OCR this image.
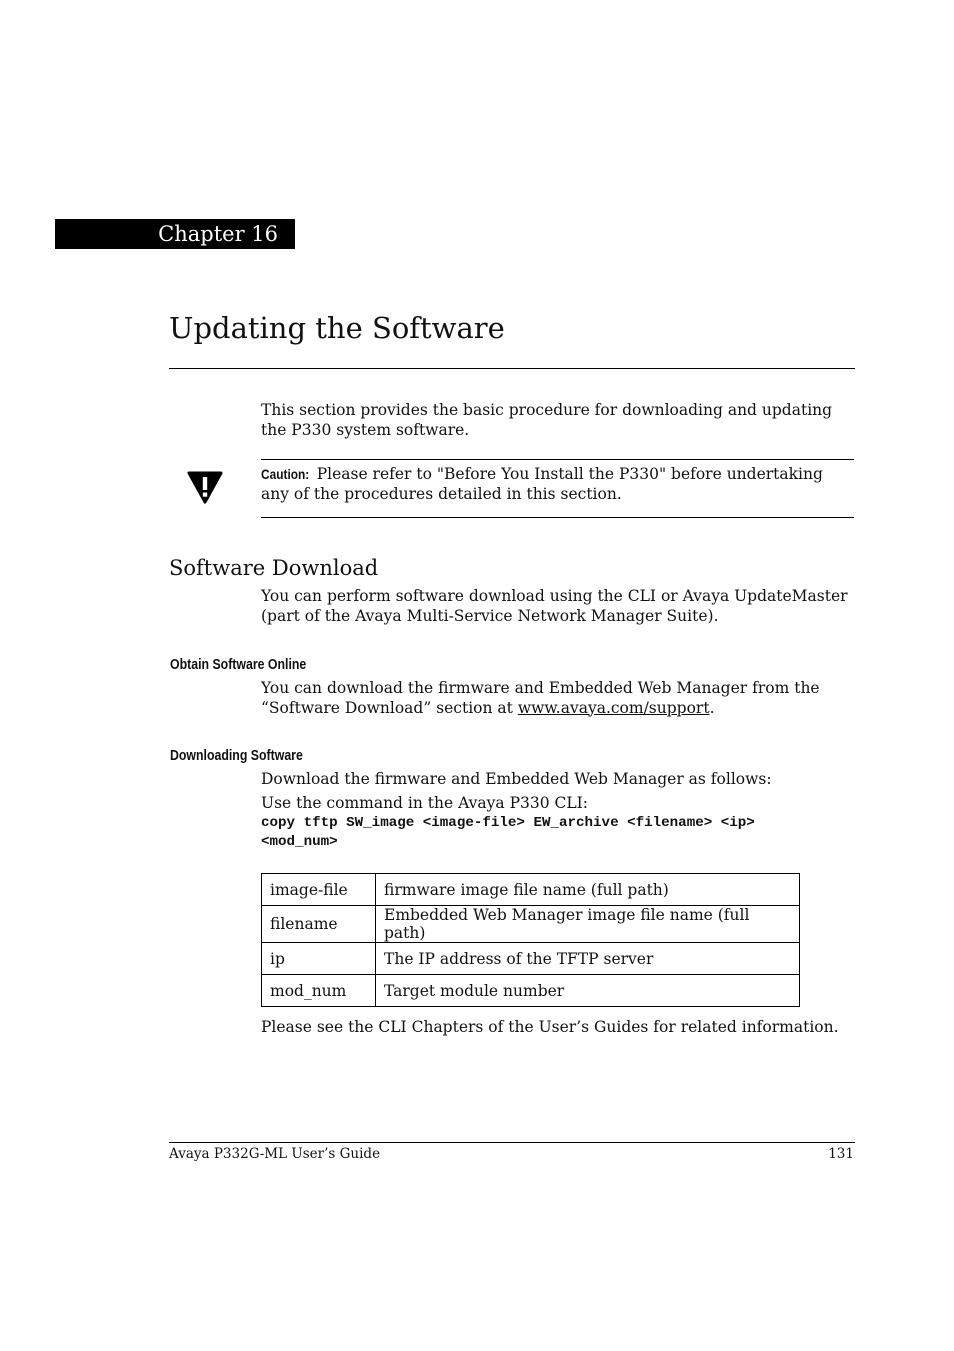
Chapter 16
Updating the Software

This section provides the basic procedure for downloading and updating the P330 system software.

Caution: Please refer to "Before You Install the P330" before undertaking any of the procedures detailed in this section.

Software Download

You can perform software download using the CLI or Avaya UpdateMaster (part of the Avaya Multi-Service Network Manager Suite).

Obtain Software Online

You can download the firmware and Embedded Web Manager from the “Software Download” section at www.avaya.com/support.

Downloading Software

Download the firmware and Embedded Web Manager as follows:

Use the command in the Avaya P330 CLI:

copy tftp SW_image <image-file> EW_archive <filename> <ip>
<mod_num>
image-file	firmware image file name (full path)
filename	Embedded Web Manager image file name (full path)
ip	The IP address of the TFTP server
mod_num	Target module number

Please see the CLI Chapters of the User’s Guides for related information.

Avaya P332G-ML User’s Guide	131
